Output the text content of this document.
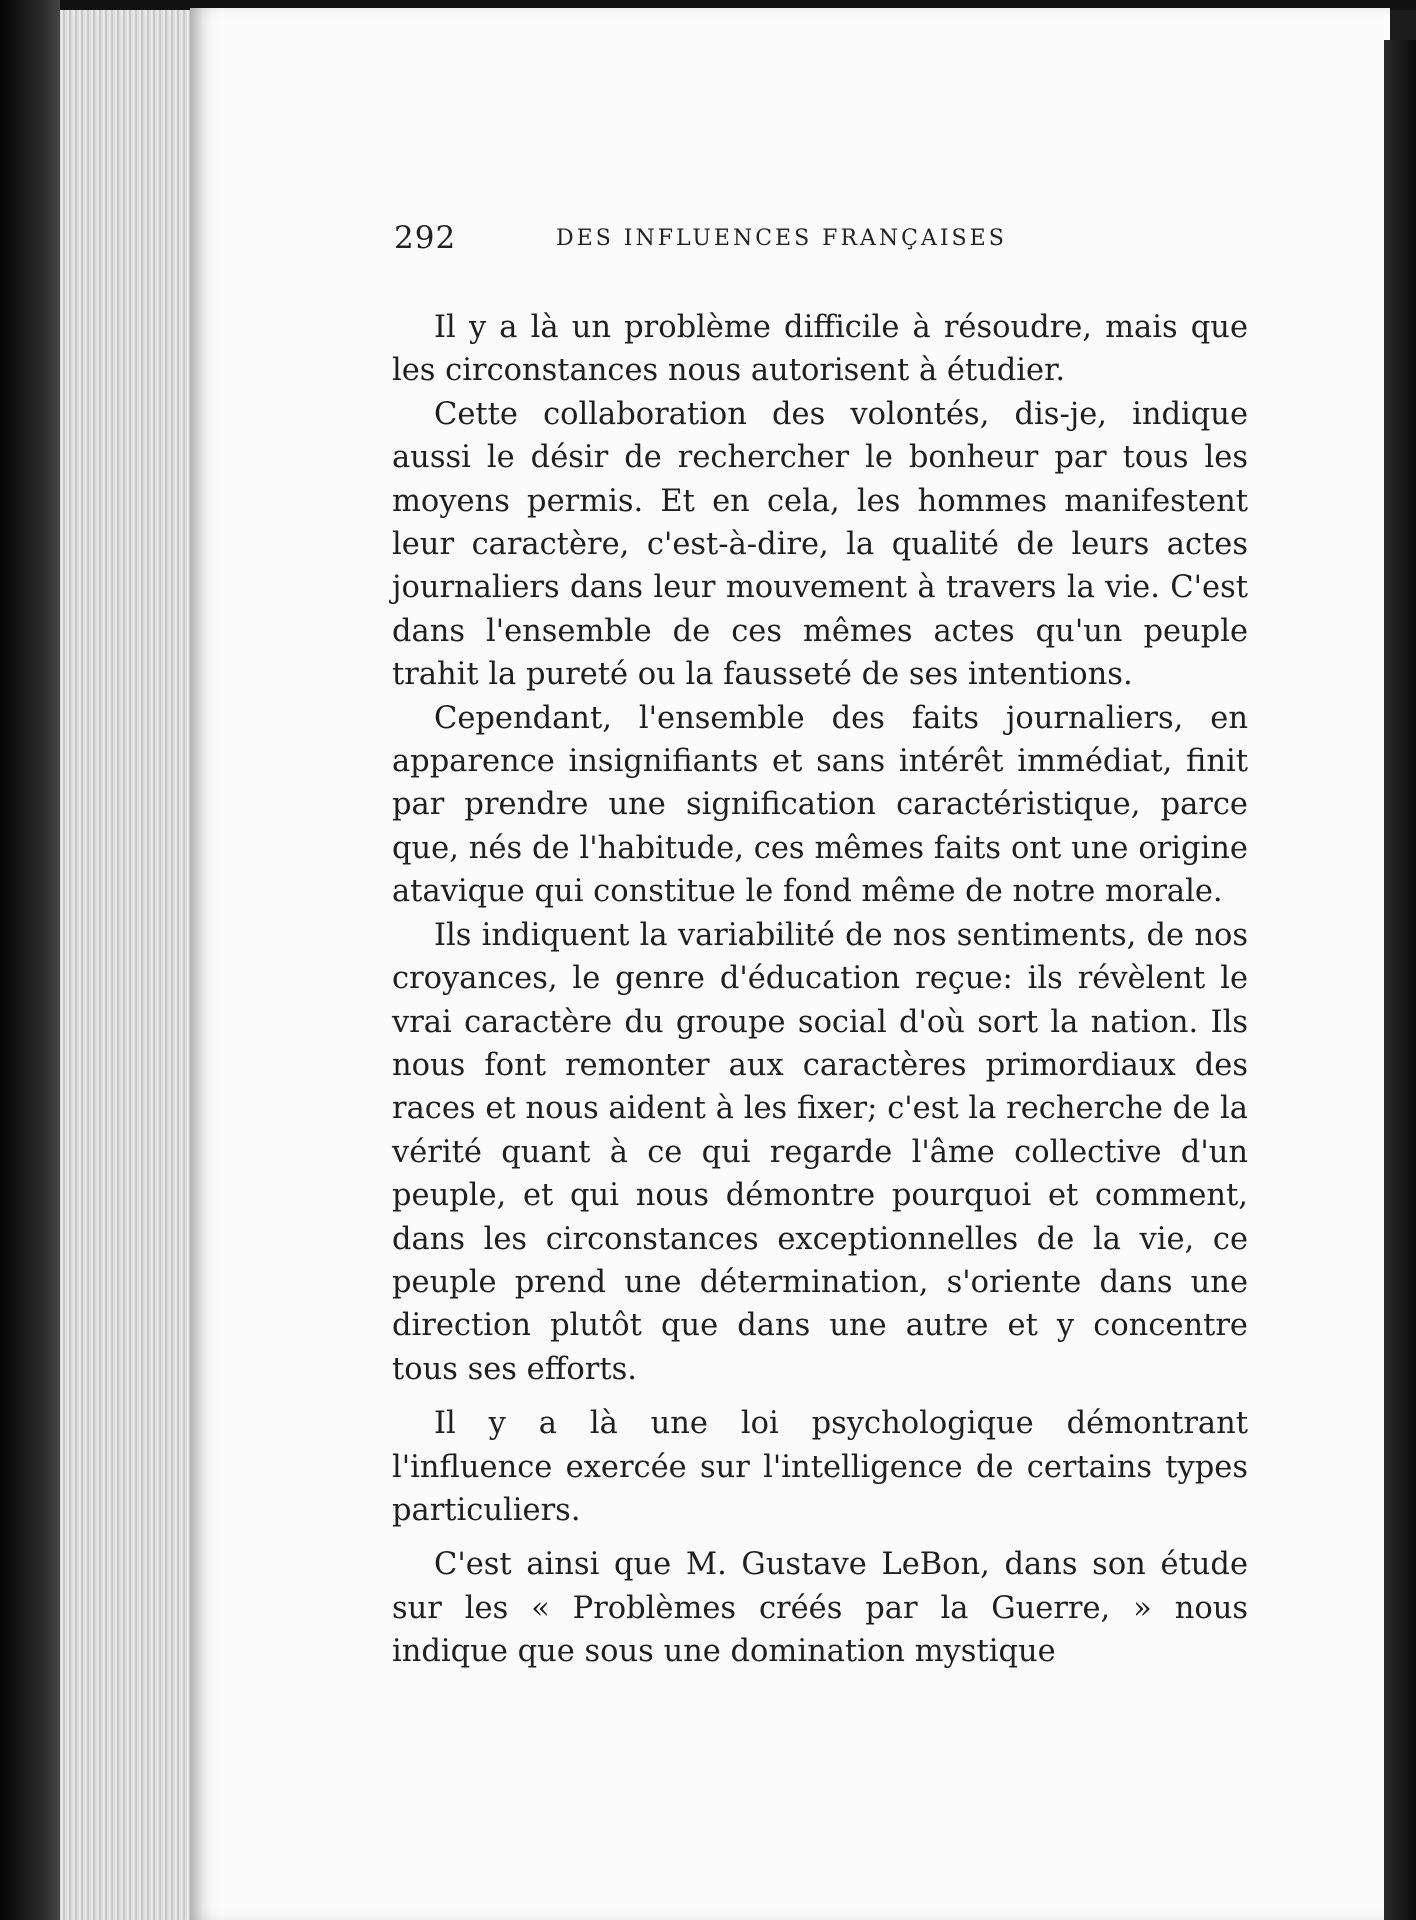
292	DES INFLUENCES FRANÇAISES

Il y a là un problème difficile à résoudre, mais que les circonstances nous autorisent à étudier.

Cette collaboration des volontés, dis-je, indique aussi le désir de rechercher le bonheur par tous les moyens permis. Et en cela, les hommes manifestent leur caractère, c'est-à-dire, la qualité de leurs actes journaliers dans leur mouvement à travers la vie. C'est dans l'ensemble de ces mêmes actes qu'un peuple trahit la pureté ou la fausseté de ses intentions.

Cependant, l'ensemble des faits journaliers, en apparence insignifiants et sans intérêt immédiat, finit par prendre une signification caractéristique, parce que, nés de l'habitude, ces mêmes faits ont une origine atavique qui constitue le fond même de notre morale.

Ils indiquent la variabilité de nos sentiments, de nos croyances, le genre d'éducation reçue: ils révèlent le vrai caractère du groupe social d'où sort la nation. Ils nous font remonter aux caractères primordiaux des races et nous aident à les fixer; c'est la recherche de la vérité quant à ce qui regarde l'âme collective d'un peuple, et qui nous démontre pourquoi et comment, dans les circonstances exceptionnelles de la vie, ce peuple prend une détermination, s'oriente dans une direction plutôt que dans une autre et y concentre tous ses efforts.

Il y a là une loi psychologique démontrant l'influence exercée sur l'intelligence de certains types particuliers.

C'est ainsi que M. Gustave LeBon, dans son étude sur les « Problèmes créés par la Guerre, » nous indique que sous une domination mystique
